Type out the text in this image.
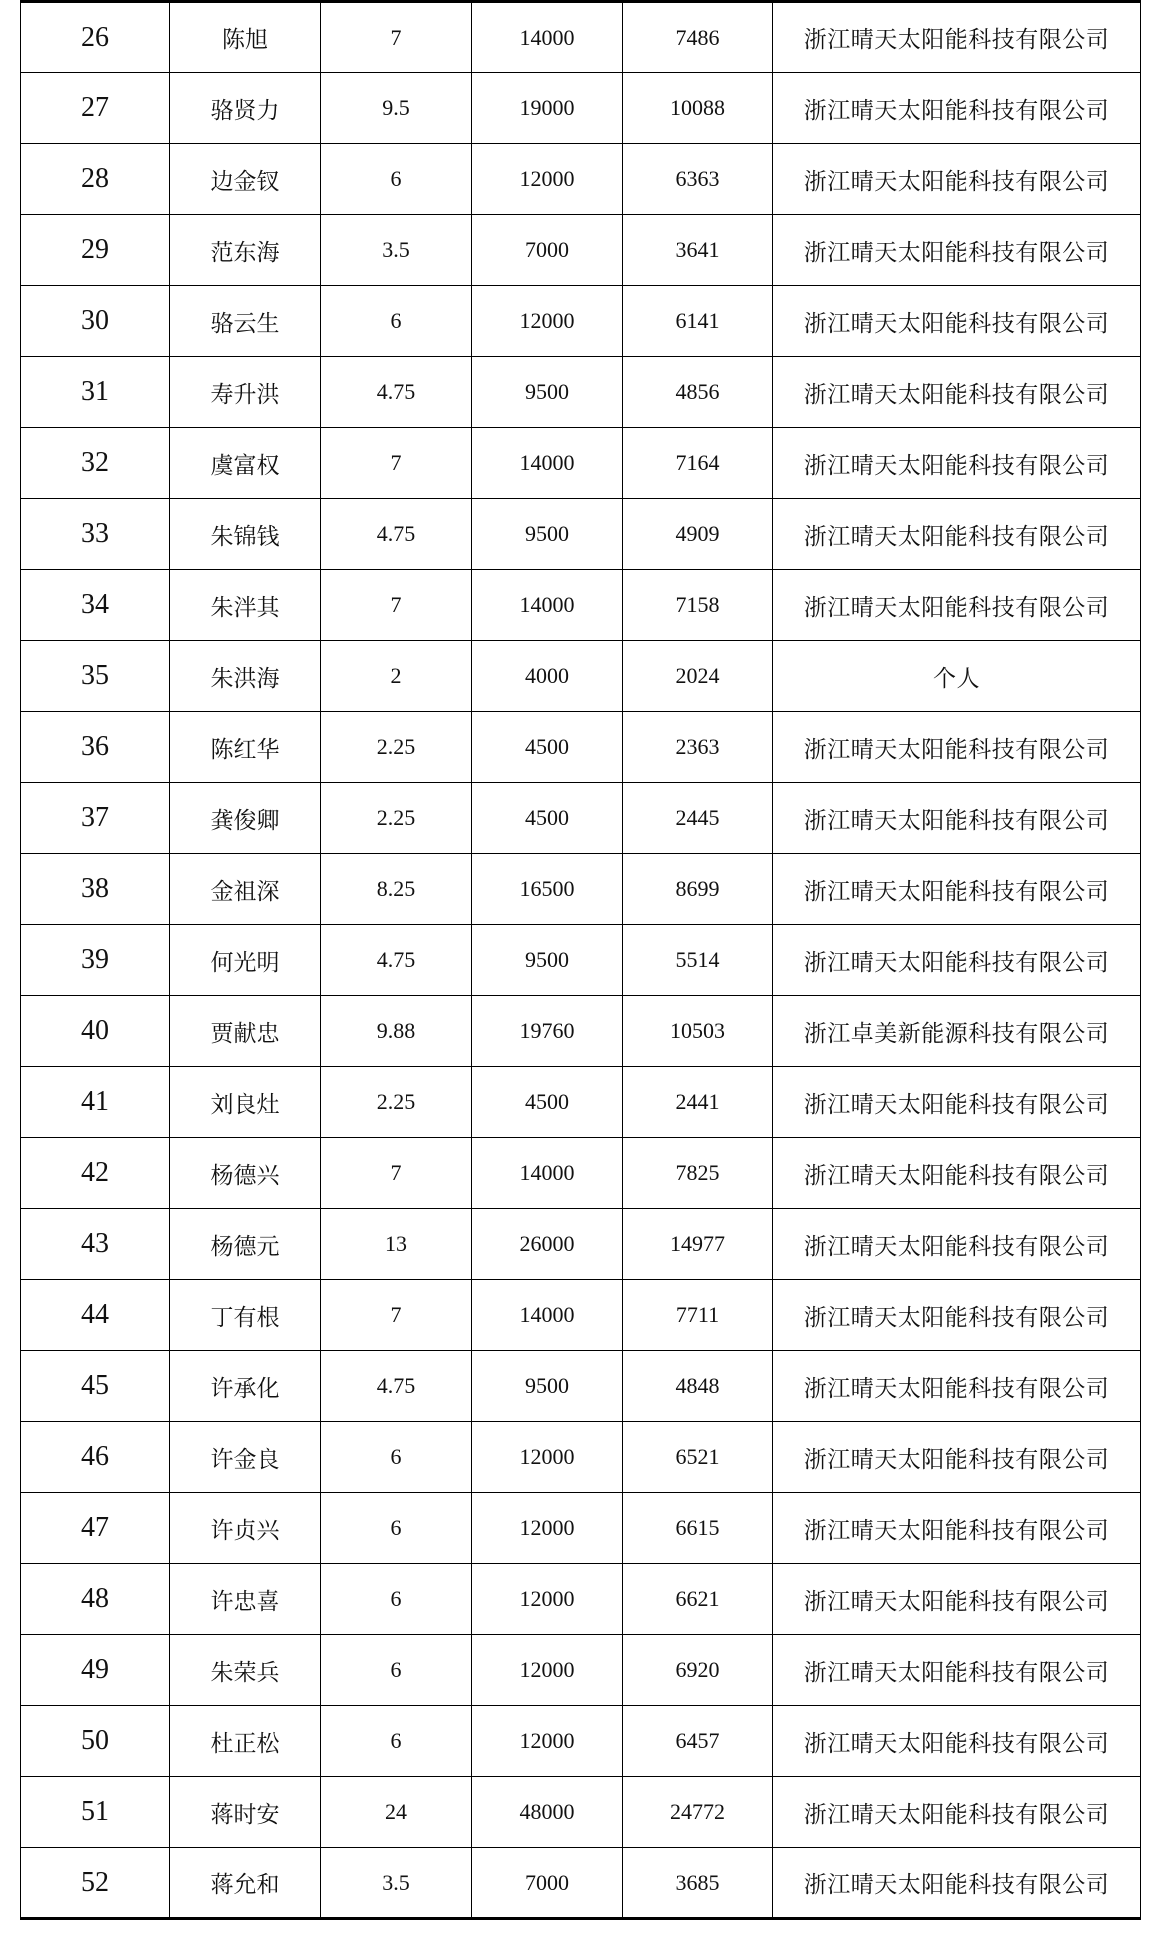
26	陈旭	7	14000	7486	浙江晴天太阳能科技有限公司
27	骆贤力	9.5	19000	10088	浙江晴天太阳能科技有限公司
28	边金钗	6	12000	6363	浙江晴天太阳能科技有限公司
29	范东海	3.5	7000	3641	浙江晴天太阳能科技有限公司
30	骆云生	6	12000	6141	浙江晴天太阳能科技有限公司
31	寿升洪	4.75	9500	4856	浙江晴天太阳能科技有限公司
32	虞富权	7	14000	7164	浙江晴天太阳能科技有限公司
33	朱锦钱	4.75	9500	4909	浙江晴天太阳能科技有限公司
34	朱泮其	7	14000	7158	浙江晴天太阳能科技有限公司
35	朱洪海	2	4000	2024	个人
36	陈红华	2.25	4500	2363	浙江晴天太阳能科技有限公司
37	龚俊卿	2.25	4500	2445	浙江晴天太阳能科技有限公司
38	金祖深	8.25	16500	8699	浙江晴天太阳能科技有限公司
39	何光明	4.75	9500	5514	浙江晴天太阳能科技有限公司
40	贾献忠	9.88	19760	10503	浙江卓美新能源科技有限公司
41	刘良灶	2.25	4500	2441	浙江晴天太阳能科技有限公司
42	杨德兴	7	14000	7825	浙江晴天太阳能科技有限公司
43	杨德元	13	26000	14977	浙江晴天太阳能科技有限公司
44	丁有根	7	14000	7711	浙江晴天太阳能科技有限公司
45	许承化	4.75	9500	4848	浙江晴天太阳能科技有限公司
46	许金良	6	12000	6521	浙江晴天太阳能科技有限公司
47	许贞兴	6	12000	6615	浙江晴天太阳能科技有限公司
48	许忠喜	6	12000	6621	浙江晴天太阳能科技有限公司
49	朱荣兵	6	12000	6920	浙江晴天太阳能科技有限公司
50	杜正松	6	12000	6457	浙江晴天太阳能科技有限公司
51	蒋时安	24	48000	24772	浙江晴天太阳能科技有限公司
52	蒋允和	3.5	7000	3685	浙江晴天太阳能科技有限公司
